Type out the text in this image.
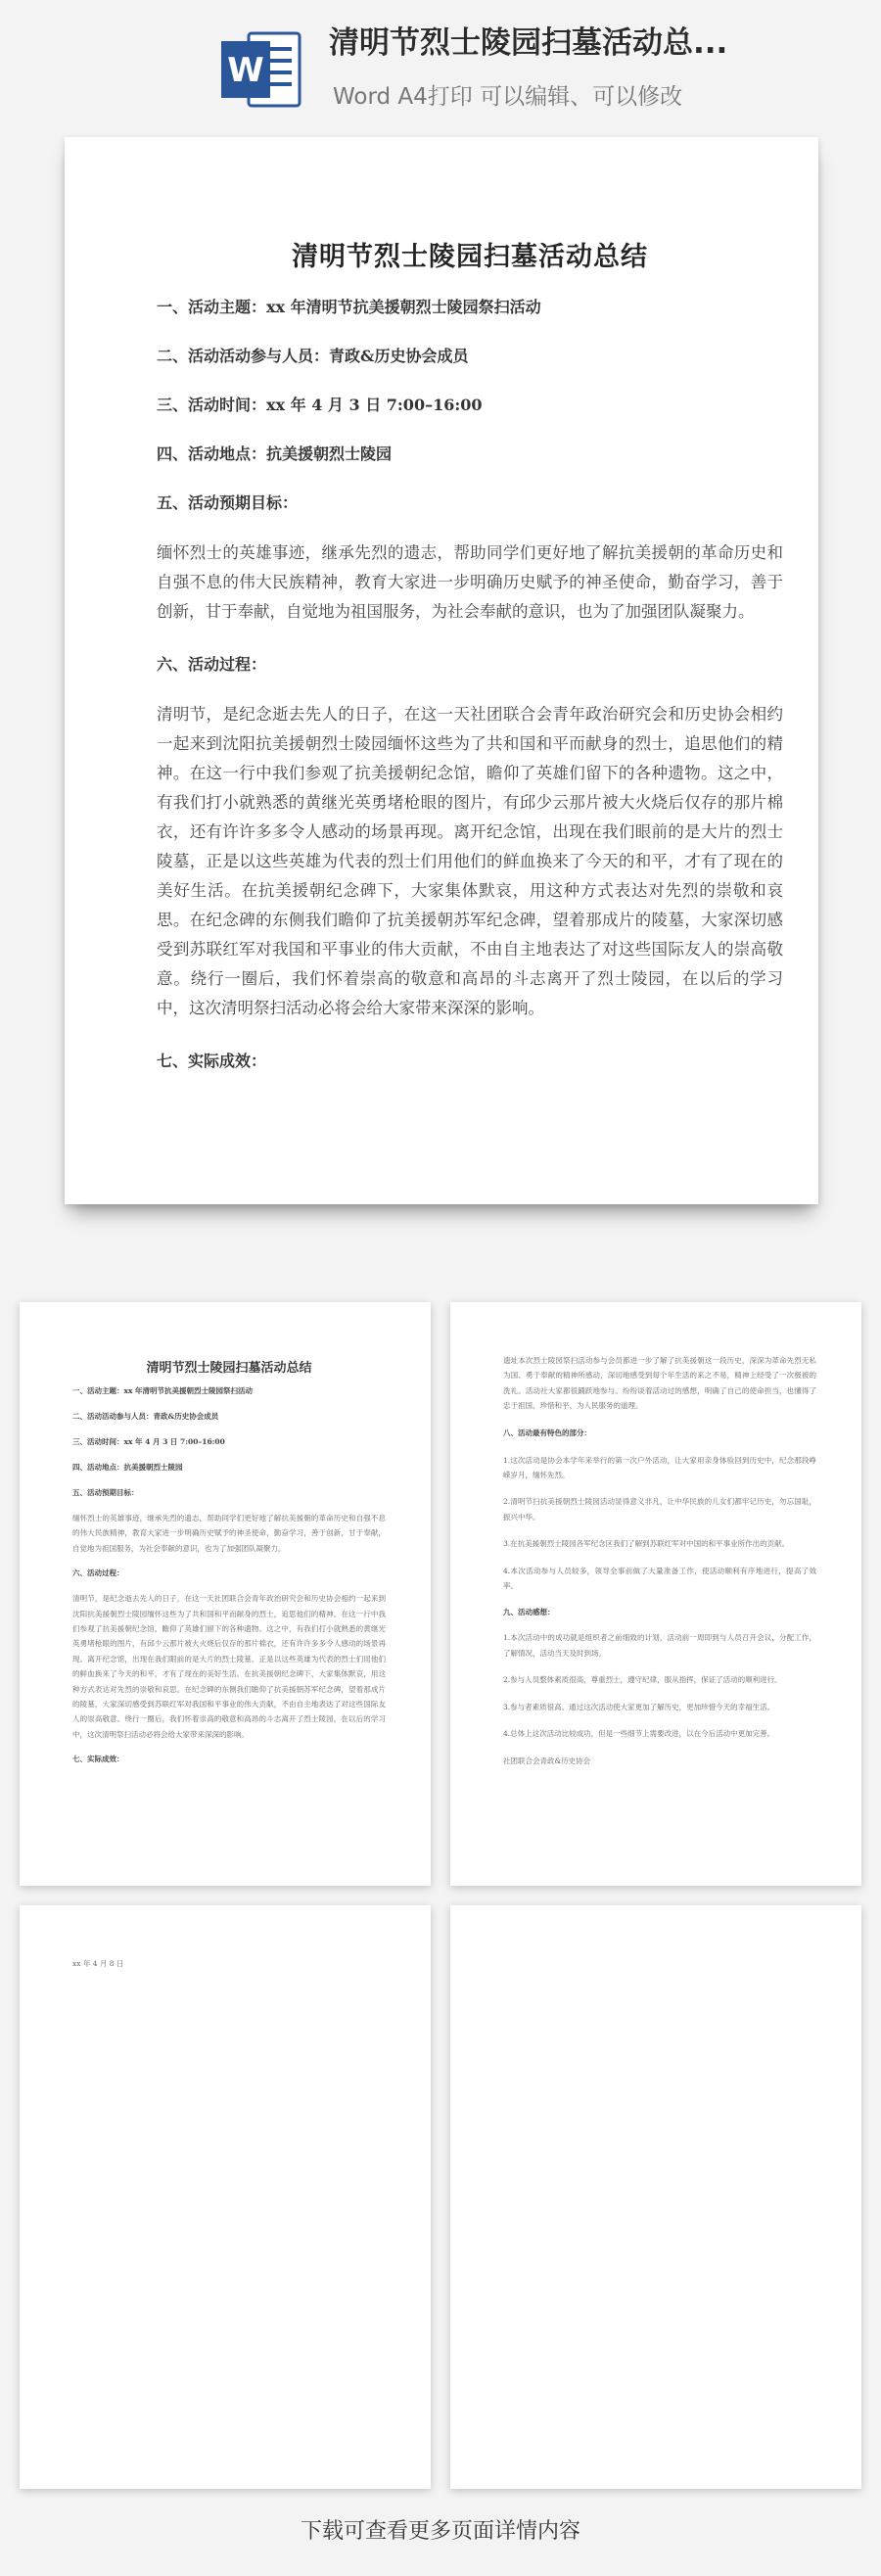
W
清明节烈士陵园扫墓活动总...
Word A4打印 可以编辑、可以修改
清明节烈士陵园扫墓活动总结

一、活动主题：xx 年清明节抗美援朝烈士陵园祭扫活动

二、活动活动参与人员：青政&历史协会成员

三、活动时间：xx 年 4 月 3 日 7:00–16:00

四、活动地点：抗美援朝烈士陵园

五、活动预期目标：

缅怀烈士的英雄事迹，继承先烈的遗志，帮助同学们更好地了解抗美援朝的革命历史和自强不息的伟大民族精神，教育大家进一步明确历史赋予的神圣使命，勤奋学习，善于创新，甘于奉献，自觉地为祖国服务，为社会奉献的意识，也为了加强团队凝聚力。

六、活动过程：

清明节，是纪念逝去先人的日子，在这一天社团联合会青年政治研究会和历史协会相约一起来到沈阳抗美援朝烈士陵园缅怀这些为了共和国和平而献身的烈士，追思他们的精神。在这一行中我们参观了抗美援朝纪念馆，瞻仰了英雄们留下的各种遗物。这之中，有我们打小就熟悉的黄继光英勇堵枪眼的图片，有邱少云那片被大火烧后仅存的那片棉衣，还有许许多多令人感动的场景再现。离开纪念馆，出现在我们眼前的是大片的烈士陵墓，正是以这些英雄为代表的烈士们用他们的鲜血换来了今天的和平，才有了现在的美好生活。在抗美援朝纪念碑下，大家集体默哀，用这种方式表达对先烈的崇敬和哀思。在纪念碑的东侧我们瞻仰了抗美援朝苏军纪念碑，望着那成片的陵墓，大家深切感受到苏联红军对我国和平事业的伟大贡献，不由自主地表达了对这些国际友人的崇高敬意。绕行一圈后，我们怀着崇高的敬意和高昂的斗志离开了烈士陵园，在以后的学习中，这次清明祭扫活动必将会给大家带来深深的影响。

七、实际成效：

清明节烈士陵园扫墓活动总结

一、活动主题：xx 年清明节抗美援朝烈士陵园祭扫活动

二、活动活动参与人员：青政&历史协会成员

三、活动时间：xx 年 4 月 3 日 7:00–16:00

四、活动地点：抗美援朝烈士陵园

五、活动预期目标：

缅怀烈士的英雄事迹，继承先烈的遗志，帮助同学们更好地了解抗美援朝的革命历史和自强不息的伟大民族精神，教育大家进一步明确历史赋予的神圣使命，勤奋学习，善于创新，甘于奉献，自觉地为祖国服务，为社会奉献的意识，也为了加强团队凝聚力。

六、活动过程：

清明节，是纪念逝去先人的日子，在这一天社团联合会青年政治研究会和历史协会相约一起来到沈阳抗美援朝烈士陵园缅怀这些为了共和国和平而献身的烈士，追思他们的精神。在这一行中我们参观了抗美援朝纪念馆，瞻仰了英雄们留下的各种遗物。这之中，有我们打小就熟悉的黄继光英勇堵枪眼的图片，有邱少云那片被大火烧后仅存的那片棉衣，还有许许多多令人感动的场景再现。离开纪念馆，出现在我们眼前的是大片的烈士陵墓，正是以这些英雄为代表的烈士们用他们的鲜血换来了今天的和平，才有了现在的美好生活。在抗美援朝纪念碑下，大家集体默哀，用这种方式表达对先烈的崇敬和哀思。在纪念碑的东侧我们瞻仰了抗美援朝苏军纪念碑，望着那成片的陵墓，大家深切感受到苏联红军对我国和平事业的伟大贡献，不由自主地表达了对这些国际友人的崇高敬意。绕行一圈后，我们怀着崇高的敬意和高昂的斗志离开了烈士陵园，在以后的学习中，这次清明祭扫活动必将会给大家带来深深的影响。

七、实际成效：

遗址本次烈士陵园祭扫活动参与会员都进一步了解了抗美援朝这一段历史，深深为革命先烈无私为国、勇于奉献的精神所感动，深切地感受到每个年生活的来之不易，精神上经受了一次极被的洗礼。活动社大家都很踊跃地参与。纷纷谈着活动过的感想，明确了自己的使命担当，也懂得了忠于祖国、珍惜和平、为人民服务的道理。

八、活动最有特色的部分：

1.这次活动是协会本学年来举行的第一次户外活动，让大家用亲身体验回到历史中，纪念那段峥嵘岁月，缅怀先烈。

2.清明节扫抗美援朝烈士陵园活动显得意义非凡，让中华民族的儿女们都牢记历史，勿忘国耻，振兴中华。

3.在抗美援朝烈士陵园各军纪念区我们了解到苏联红军对中国的和平事业所作出的贡献。

4.本次活动参与人员较多，领导全事前做了大量准备工作，使活动顺利有序地进行，提高了效率。

九、活动感想：

1.本次活动中的成功就是组织者之前细致的计划，活动前一周即到与人员召开会议，分配工作，了解情况，活动当天及时到场。

2.参与人员整体素质很高，尊重烈士，遵守纪律，服从指挥，保证了活动的顺利进行。

3.参与者素质很高。通过这次活动使大家更加了解历史，更加珍惜今天的幸福生活。

4.总体上这次活动比较成功，但是一些细节上需要改进，以在今后活动中更加完善。

社团联合会青政&历史协会

xx 年 4 月 8 日

下载可查看更多页面详情内容
